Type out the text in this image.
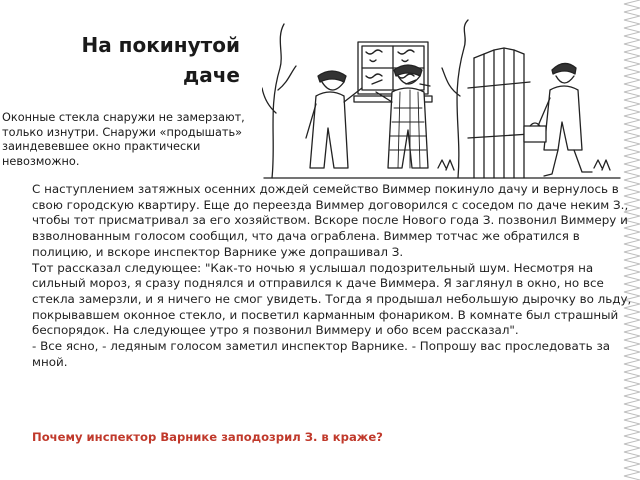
На покинутой
даче
Оконные стекла снаружи не замерзают, только изнутри. Снаружи «продышать» заиндевевшее окно практически невозможно.

С наступлением затяжных осенних дождей семейство Виммер покинуло дачу и вернулось в свою городскую квартиру. Еще до переезда Виммер договорился с соседом по даче неким З., чтобы тот присматривал за его хозяйством. Вскоре после Нового года З. позвонил Виммеру и взволнованным голосом сообщил, что дача ограблена. Виммер тотчас же обратился в полицию, и вскоре инспектор Варнике уже допрашивал З.

Тот рассказал следующее: "Как-то ночью я услышал подозрительный шум. Несмотря на сильный мороз, я сразу поднялся и отправился к даче Виммера. Я заглянул в окно, но все стекла замерзли, и я ничего не смог увидеть. Тогда я продышал небольшую дырочку во льду, покрывавшем оконное стекло, и посветил карманным фонариком. В комнате был страшный беспорядок. На следующее утро я позвонил Виммеру и обо всем рассказал".

- Все ясно, - ледяным голосом заметил инспектор Варнике. - Попрошу вас проследовать за мной.

Почему инспектор Варнике заподозрил З. в краже?
